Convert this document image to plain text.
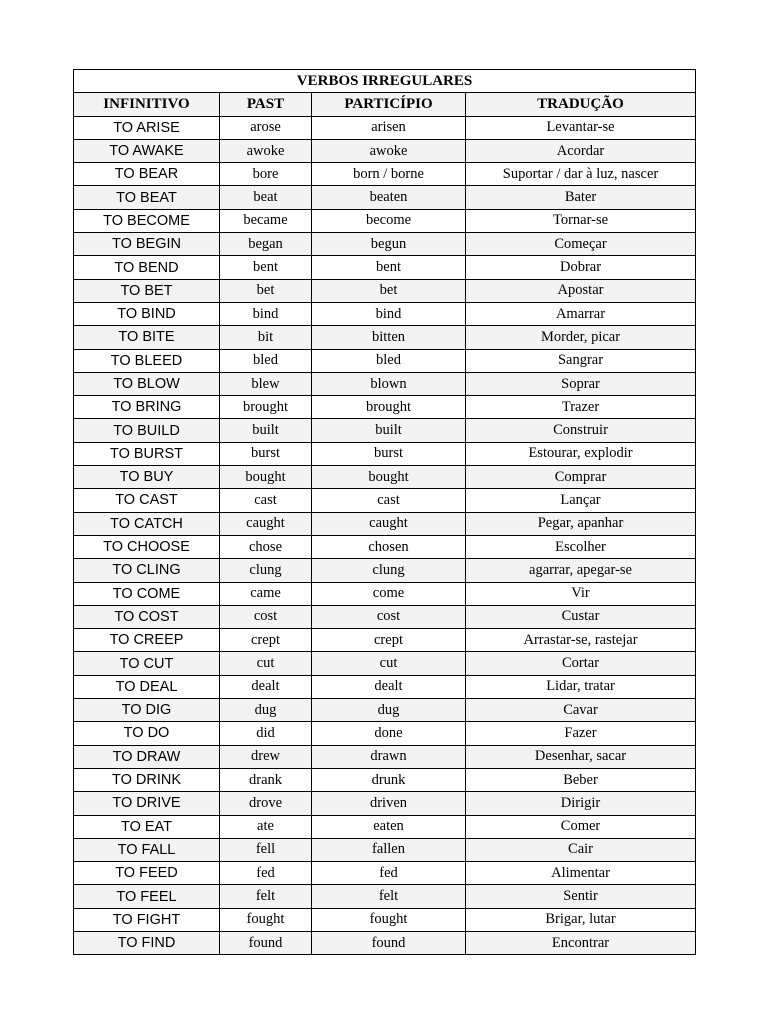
VERBOS IRREGULARES			
INFINITIVO	PAST	PARTICÍPIO	TRADUÇÃO
TO ARISE	arose	arisen	Levantar-se
TO AWAKE	awoke	awoke	Acordar
TO BEAR	bore	born / borne	Suportar / dar à luz, nascer
TO BEAT	beat	beaten	Bater
TO BECOME	became	become	Tornar-se
TO BEGIN	began	begun	Começar
TO BEND	bent	bent	Dobrar
TO BET	bet	bet	Apostar
TO BIND	bind	bind	Amarrar
TO BITE	bit	bitten	Morder, picar
TO BLEED	bled	bled	Sangrar
TO BLOW	blew	blown	Soprar
TO BRING	brought	brought	Trazer
TO BUILD	built	built	Construir
TO BURST	burst	burst	Estourar, explodir
TO BUY	bought	bought	Comprar
TO CAST	cast	cast	Lançar
TO CATCH	caught	caught	Pegar, apanhar
TO CHOOSE	chose	chosen	Escolher
TO CLING	clung	clung	agarrar, apegar-se
TO COME	came	come	Vir
TO COST	cost	cost	Custar
TO CREEP	crept	crept	Arrastar-se, rastejar
TO CUT	cut	cut	Cortar
TO DEAL	dealt	dealt	Lidar, tratar
TO DIG	dug	dug	Cavar
TO DO	did	done	Fazer
TO DRAW	drew	drawn	Desenhar, sacar
TO DRINK	drank	drunk	Beber
TO DRIVE	drove	driven	Dirigir
TO EAT	ate	eaten	Comer
TO FALL	fell	fallen	Cair
TO FEED	fed	fed	Alimentar
TO FEEL	felt	felt	Sentir
TO FIGHT	fought	fought	Brigar, lutar
TO FIND	found	found	Encontrar
